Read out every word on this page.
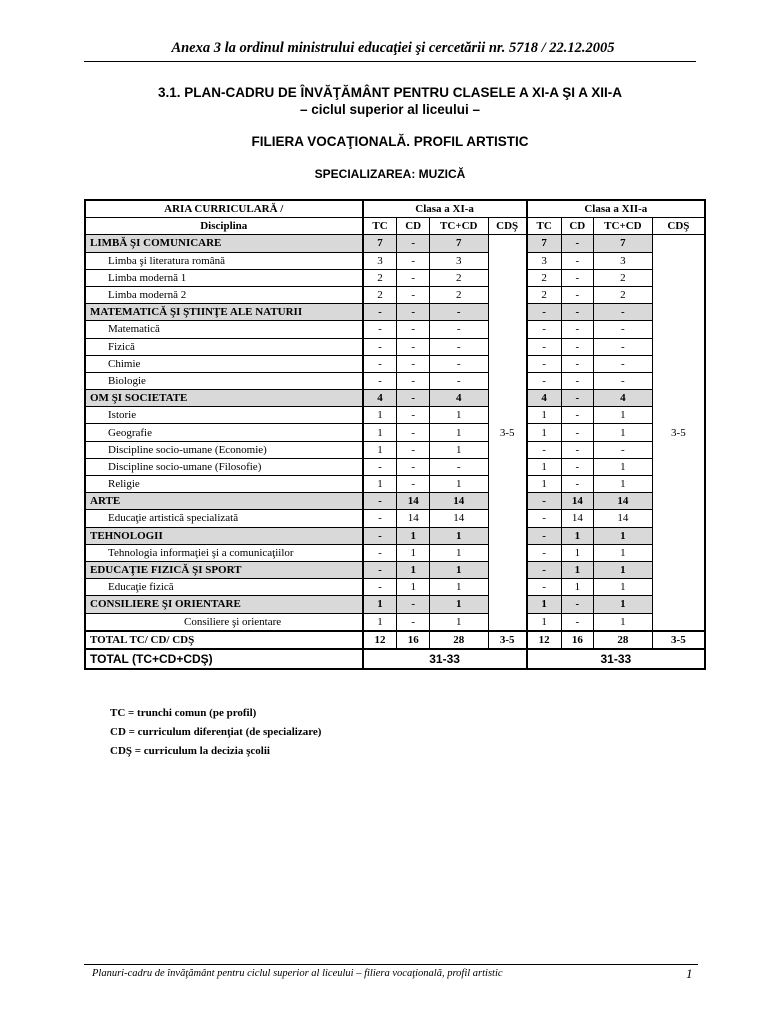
Anexa 3 la ordinul ministrului educaţiei şi cercetării nr. 5718 / 22.12.2005
3.1. PLAN-CADRU DE ÎNVĂŢĂMÂNT PENTRU CLASELE A XI-A ŞI A XII-A
– ciclul superior al liceului –
FILIERA VOCAŢIONALĂ. PROFIL ARTISTIC
SPECIALIZAREA: MUZICĂ
ARIA CURRICULARĂ /	Clasa a XI-a				Clasa a XII-a			
Disciplina	TC	CD	TC+CD	CDŞ	TC	CD	TC+CD	CDŞ
LIMBĂ ŞI COMUNICARE	7	-	7	3-5	7	-	7	3-5
Limba şi literatura română	3	-	3		3	-	3	
Limba modernă 1	2	-	2		2	-	2	
Limba modernă 2	2	-	2		2	-	2	
MATEMATICĂ ŞI ŞTIINŢE ALE NATURII	-	-	-		-	-	-	
Matematică	-	-	-		-	-	-	
Fizică	-	-	-		-	-	-	
Chimie	-	-	-		-	-	-	
Biologie	-	-	-		-	-	-	
OM ŞI SOCIETATE	4	-	4		4	-	4	
Istorie	1	-	1		1	-	1	
Geografie	1	-	1		1	-	1	
Discipline socio-umane (Economie)	1	-	1		-	-	-	
Discipline socio-umane (Filosofie)	-	-	-		1	-	1	
Religie	1	-	1		1	-	1	
ARTE	-	14	14		-	14	14	
Educaţie artistică specializată	-	14	14		-	14	14	
TEHNOLOGII	-	1	1		-	1	1	
Tehnologia informaţiei şi a comunicaţiilor	-	1	1		-	1	1	
EDUCAŢIE FIZICĂ ŞI SPORT	-	1	1		-	1	1	
Educaţie fizică	-	1	1		-	1	1	
CONSILIERE ŞI ORIENTARE	1	-	1		1	-	1	
Consiliere şi orientare	1	-	1		1	-	1	
TOTAL TC/ CD/ CDŞ	12	16	28	3-5	12	16	28	3-5
TOTAL (TC+CD+CDŞ)	31-33				31-33			
TC = trunchi comun (pe profil)
CD = curriculum diferenţiat (de specializare)
CDŞ = curriculum la decizia şcolii
Planuri-cadru de învăţământ pentru ciclul superior al liceului – filiera vocaţională, profil artistic	1
